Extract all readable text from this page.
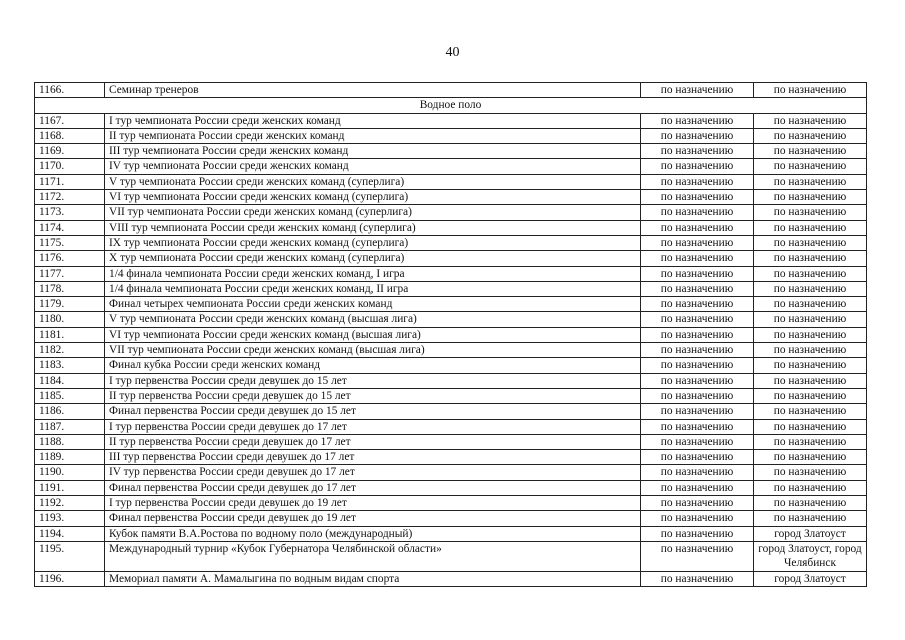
40
1166.	Семинар тренеров	по назначению	по назначению
Водное поло			
1167.	I тур чемпионата России среди женских команд	по назначению	по назначению
1168.	II тур чемпионата России среди женских команд	по назначению	по назначению
1169.	III тур чемпионата России среди женских команд	по назначению	по назначению
1170.	IV тур чемпионата России среди женских команд	по назначению	по назначению
1171.	V тур чемпионата России среди женских команд (суперлига)	по назначению	по назначению
1172.	VI тур чемпионата России среди женских команд (суперлига)	по назначению	по назначению
1173.	VII тур чемпионата России среди женских команд (суперлига)	по назначению	по назначению
1174.	VIII тур чемпионата России среди женских команд (суперлига)	по назначению	по назначению
1175.	IX тур чемпионата России среди женских команд (суперлига)	по назначению	по назначению
1176.	X тур чемпионата России среди женских команд (суперлига)	по назначению	по назначению
1177.	1/4 финала чемпионата России среди женских команд, I игра	по назначению	по назначению
1178.	1/4 финала чемпионата России среди женских команд, II игра	по назначению	по назначению
1179.	Финал четырех чемпионата России среди женских команд	по назначению	по назначению
1180.	V тур чемпионата России среди женских команд (высшая лига)	по назначению	по назначению
1181.	VI тур чемпионата России среди женских команд (высшая лига)	по назначению	по назначению
1182.	VII тур чемпионата России среди женских команд (высшая лига)	по назначению	по назначению
1183.	Финал кубка России среди женских команд	по назначению	по назначению
1184.	I тур первенства России среди девушек до 15 лет	по назначению	по назначению
1185.	II тур первенства России среди девушек до 15 лет	по назначению	по назначению
1186.	Финал первенства России среди девушек до 15 лет	по назначению	по назначению
1187.	I тур первенства России среди девушек до 17 лет	по назначению	по назначению
1188.	II тур первенства России среди девушек до 17 лет	по назначению	по назначению
1189.	III тур первенства России среди девушек до 17 лет	по назначению	по назначению
1190.	IV тур первенства России среди девушек до 17 лет	по назначению	по назначению
1191.	Финал первенства России среди девушек до 17 лет	по назначению	по назначению
1192.	I тур первенства России среди девушек до 19 лет	по назначению	по назначению
1193.	Финал первенства России среди девушек до 19 лет	по назначению	по назначению
1194.	Кубок памяти В.А.Ростова по водному поло (международный)	по назначению	город Златоуст
1195.	Международный турнир «Кубок Губернатора Челябинской области»	по назначению	город Златоуст, город Челябинск
1196.	Мемориал памяти А. Мамалыгина по водным видам спорта	по назначению	город Златоуст
